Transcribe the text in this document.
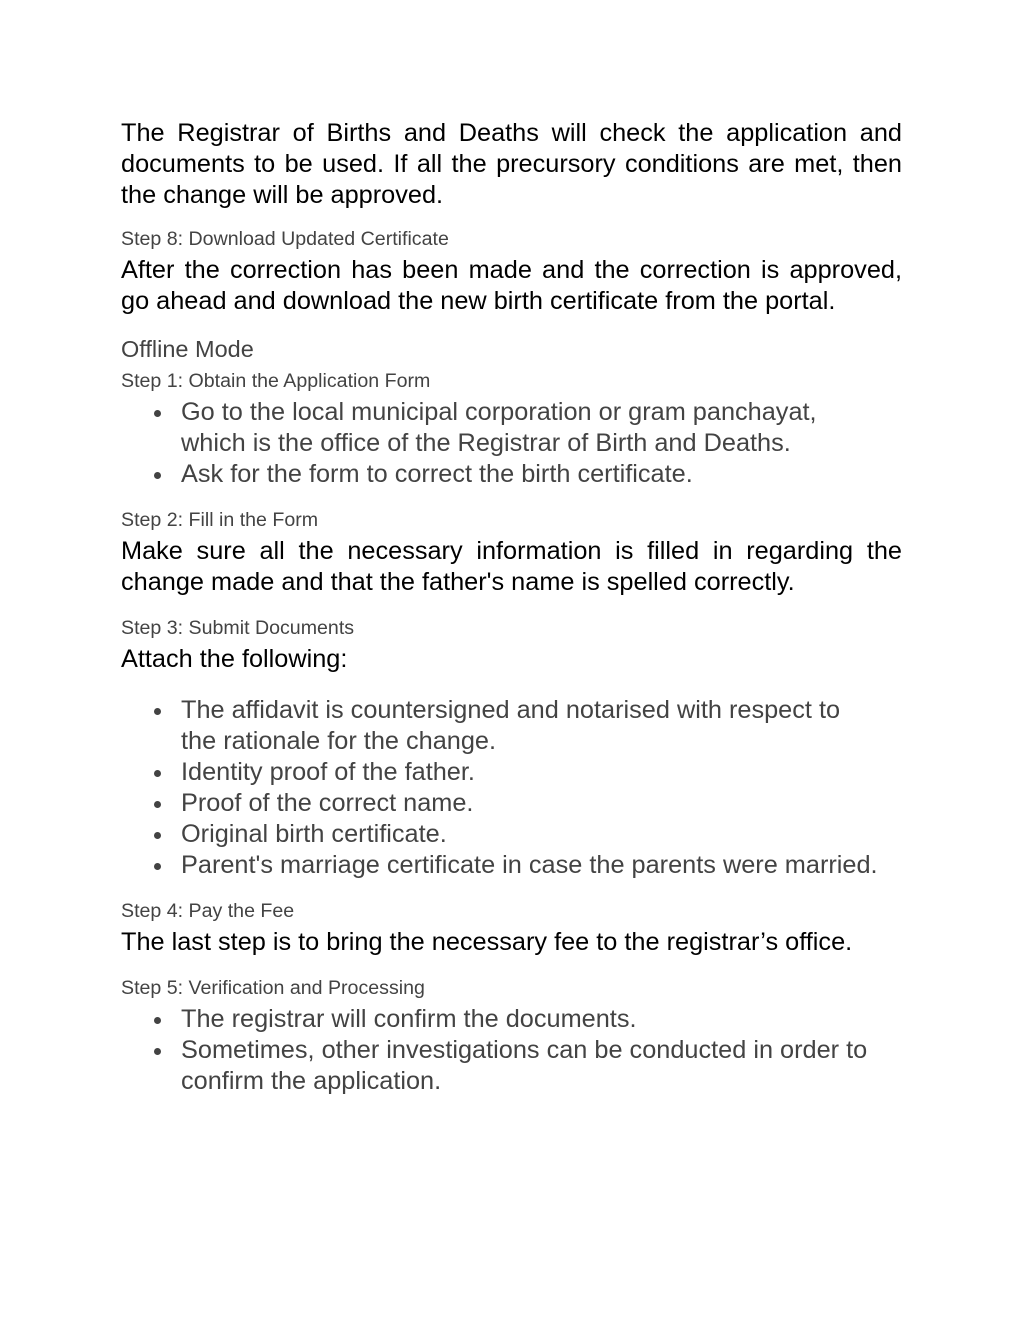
The Registrar of Births and Deaths will check the application and documents to be used. If all the precursory conditions are met, then the change will be approved.

Step 8: Download Updated Certificate

After the correction has been made and the correction is approved, go ahead and download the new birth certificate from the portal.

Offline Mode

Step 1: Obtain the Application Form

Go to the local municipal corporation or gram panchayat, which is the office of the Registrar of Birth and Deaths.
Ask for the form to correct the birth certificate.

Step 2: Fill in the Form

Make sure all the necessary information is filled in regarding the change made and that the father's name is spelled correctly.

Step 3: Submit Documents

Attach the following:

The affidavit is countersigned and notarised with respect to the rationale for the change.
Identity proof of the father.
Proof of the correct name.
Original birth certificate.
Parent's marriage certificate in case the parents were married.

Step 4: Pay the Fee

The last step is to bring the necessary fee to the registrar’s office.

Step 5: Verification and Processing

The registrar will confirm the documents.
Sometimes, other investigations can be conducted in order to confirm the application.
